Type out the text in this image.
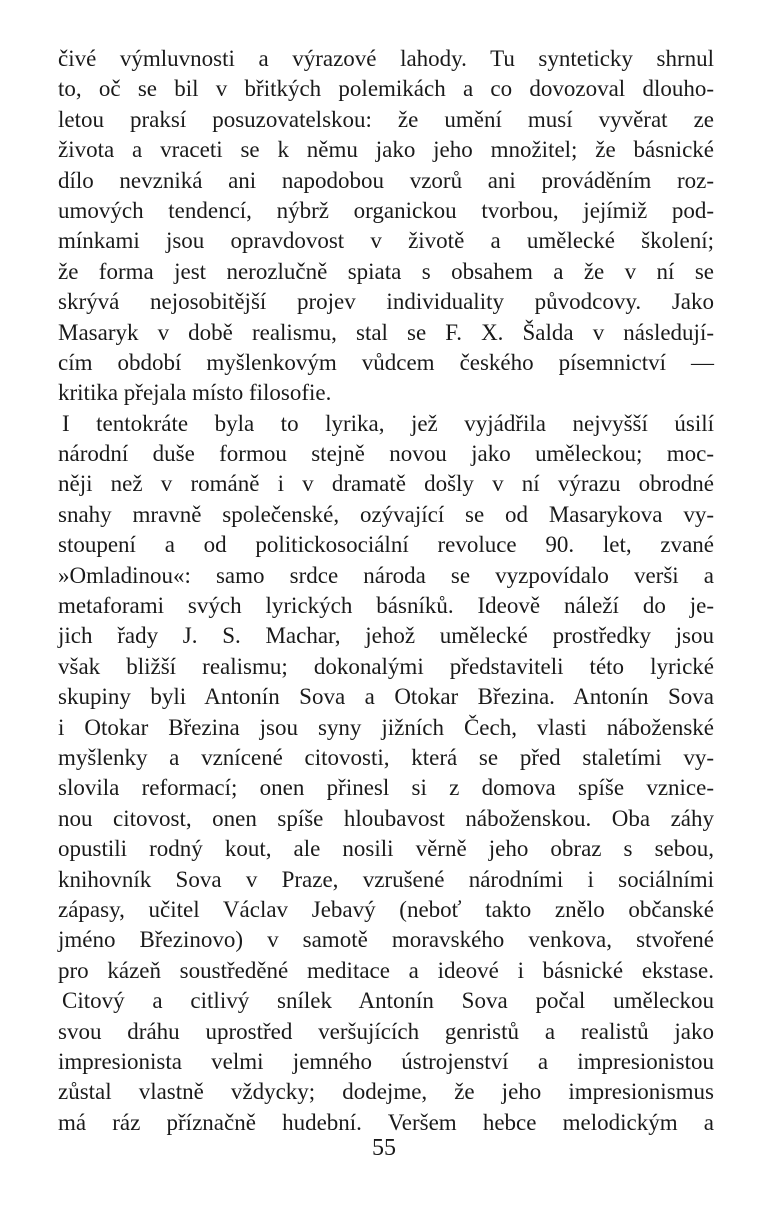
čivé výmluvnosti a výrazové lahody. Tu synteticky shrnul
to, oč se bil v břitkých polemikách a co dovozoval dlouho-
letou praksí posuzovatelskou: že umění musí vyvěrat ze
života a vraceti se k němu jako jeho množitel; že básnické
dílo nevzniká ani napodobou vzorů ani prováděním roz-
umových tendencí, nýbrž organickou tvorbou, jejímiž pod-
mínkami jsou opravdovost v životě a umělecké školení;
že forma jest nerozlučně spiata s obsahem a že v ní se
skrývá nejosobitější projev individuality původcovy. Jako
Masaryk v době realismu, stal se F. X. Šalda v následují-
cím období myšlenkovým vůdcem českého písemnictví —
kritika přejala místo filosofie.
I tentokráte byla to lyrika, jež vyjádřila nejvyšší úsilí
národní duše formou stejně novou jako uměleckou; moc-
něji než v románě i v dramatě došly v ní výrazu obrodné
snahy mravně společenské, ozývající se od Masarykova vy-
stoupení a od politickosociální revoluce 90. let, zvané
»Omladinou«: samo srdce národa se vyzpovídalo verši a
metaforami svých lyrických básníků. Ideově náleží do je-
jich řady J. S. Machar, jehož umělecké prostředky jsou
však bližší realismu; dokonalými představiteli této lyrické
skupiny byli Antonín Sova a Otokar Březina. Antonín Sova
i Otokar Březina jsou syny jižních Čech, vlasti náboženské
myšlenky a vznícené citovosti, která se před staletími vy-
slovila reformací; onen přinesl si z domova spíše vznice-
nou citovost, onen spíše hloubavost náboženskou. Oba záhy
opustili rodný kout, ale nosili věrně jeho obraz s sebou,
knihovník Sova v Praze, vzrušené národními i sociálními
zápasy, učitel Václav Jebavý (neboť takto znělo občanské
jméno Březinovo) v samotě moravského venkova, stvořené
pro kázeň soustředěné meditace a ideové i básnické ekstase.
Citový a citlivý snílek Antonín Sova počal uměleckou
svou dráhu uprostřed veršujících genristů a realistů jako
impresionista velmi jemného ústrojenství a impresionistou
zůstal vlastně vždycky; dodejme, že jeho impresionismus
má ráz příznačně hudební. Veršem hebce melodickým a
55
